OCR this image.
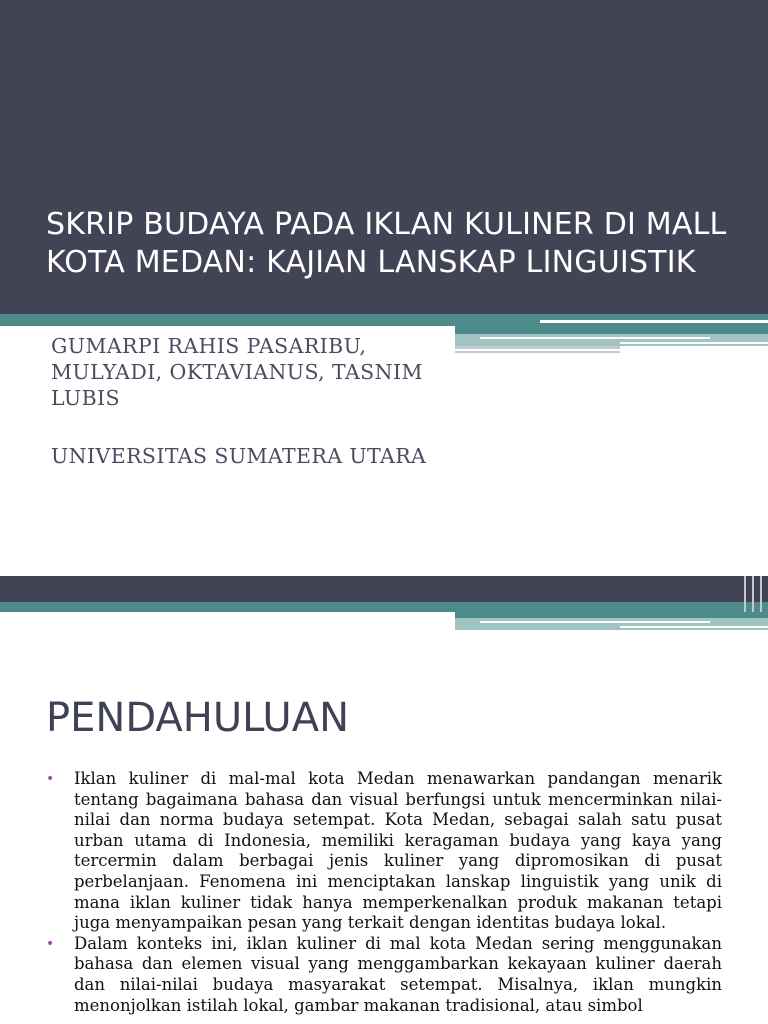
SKRIP BUDAYA PADA IKLAN KULINER DI MALL KOTA MEDAN: KAJIAN LANSKAP LINGUISTIK
GUMARPI RAHIS PASARIBU, MULYADI, OKTAVIANUS, TASNIM LUBIS
UNIVERSITAS SUMATERA UTARA
PENDAHULUAN
• Iklan kuliner di mal-mal kota Medan menawarkan pandangan menarik tentang bagaimana bahasa dan visual berfungsi untuk mencerminkan nilai-nilai dan norma budaya setempat. Kota Medan, sebagai salah satu pusat urban utama di Indonesia, memiliki keragaman budaya yang kaya yang tercermin dalam berbagai jenis kuliner yang dipromosikan di pusat perbelanjaan. Fenomena ini menciptakan lanskap linguistik yang unik di mana iklan kuliner tidak hanya memperkenalkan produk makanan tetapi juga menyampaikan pesan yang terkait dengan identitas budaya lokal.
• Dalam konteks ini, iklan kuliner di mal kota Medan sering menggunakan bahasa dan elemen visual yang menggambarkan kekayaan kuliner daerah dan nilai-nilai budaya masyarakat setempat. Misalnya, iklan mungkin menonjolkan istilah lokal, gambar makanan tradisional, atau simbol
